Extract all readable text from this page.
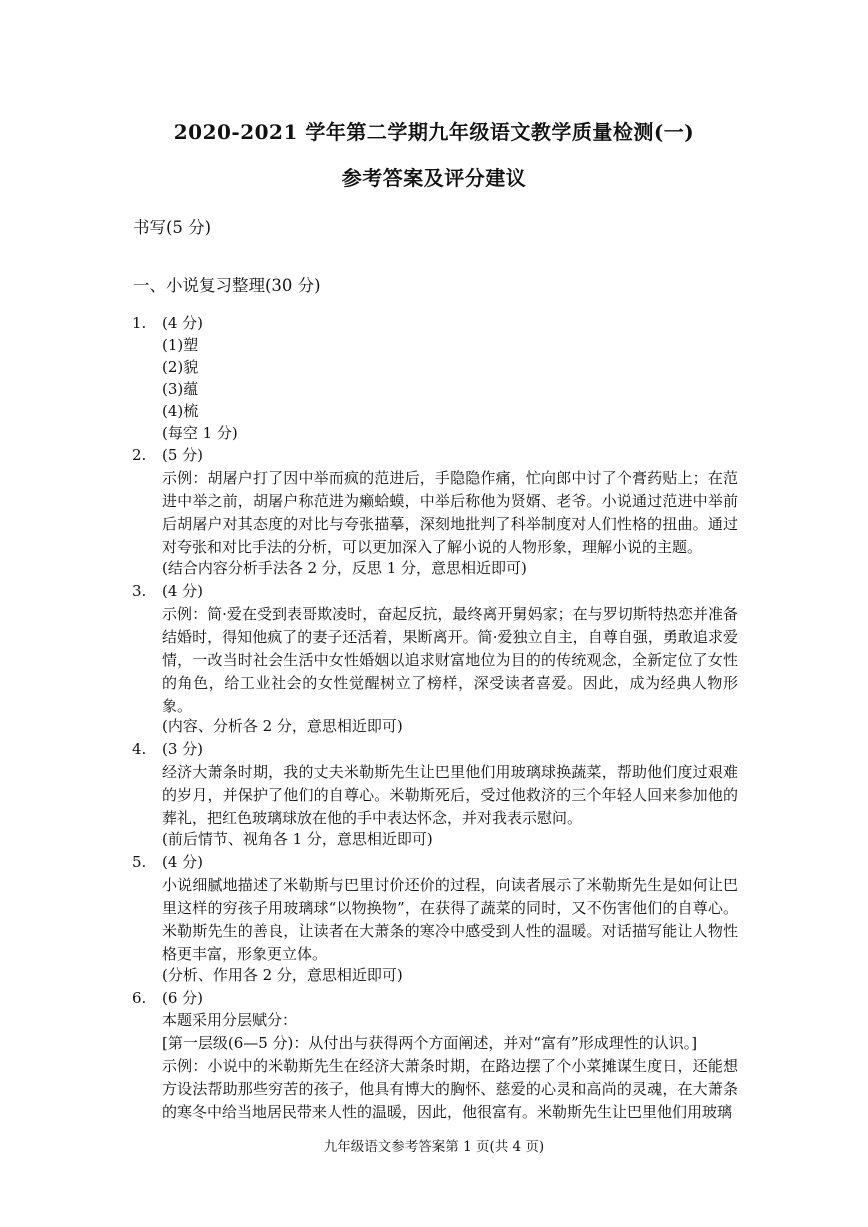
2020-2021 学年第二学期九年级语文教学质量检测(一)
参考答案及评分建议
书写(5 分)
一、小说复习整理(30 分)
1. (4 分)
(1)塑
(2)貌
(3)蕴
(4)梳
(每空 1 分)
2. (5 分)
示例：胡屠户打了因中举而疯的范进后，手隐隐作痛，忙向郎中讨了个膏药贴上；在范进中举之前，胡屠户称范进为癞蛤蟆，中举后称他为贤婿、老爷。小说通过范进中举前后胡屠户对其态度的对比与夸张描摹，深刻地批判了科举制度对人们性格的扭曲。通过对夸张和对比手法的分析，可以更加深入了解小说的人物形象，理解小说的主题。
(结合内容分析手法各 2 分，反思 1 分，意思相近即可)
3. (4 分)
示例：简·爱在受到表哥欺凌时，奋起反抗，最终离开舅妈家；在与罗切斯特热恋并准备结婚时，得知他疯了的妻子还活着，果断离开。简·爱独立自主，自尊自强，勇敢追求爱情，一改当时社会生活中女性婚姻以追求财富地位为目的的传统观念，全新定位了女性的角色，给工业社会的女性觉醒树立了榜样，深受读者喜爱。因此，成为经典人物形象。
(内容、分析各 2 分，意思相近即可)
4. (3 分)
经济大萧条时期，我的丈夫米勒斯先生让巴里他们用玻璃球换蔬菜，帮助他们度过艰难的岁月，并保护了他们的自尊心。米勒斯死后，受过他救济的三个年轻人回来参加他的葬礼，把红色玻璃球放在他的手中表达怀念，并对我表示慰问。
(前后情节、视角各 1 分，意思相近即可)
5. (4 分)
小说细腻地描述了米勒斯与巴里讨价还价的过程，向读者展示了米勒斯先生是如何让巴里这样的穷孩子用玻璃球“以物换物”，在获得了蔬菜的同时，又不伤害他们的自尊心。米勒斯先生的善良，让读者在大萧条的寒冷中感受到人性的温暖。对话描写能让人物性格更丰富，形象更立体。
(分析、作用各 2 分，意思相近即可)
6. (6 分)
本题采用分层赋分：
[第一层级(6—5 分)：从付出与获得两个方面阐述，并对“富有”形成理性的认识。]
示例：小说中的米勒斯先生在经济大萧条时期，在路边摆了个小菜摊谋生度日，还能想方设法帮助那些穷苦的孩子，他具有博大的胸怀、慈爱的心灵和高尚的灵魂，在大萧条的寒冬中给当地居民带来人性的温暖，因此，他很富有。米勒斯先生让巴里他们用玻璃
九年级语文参考答案第 1 页(共 4 页)
